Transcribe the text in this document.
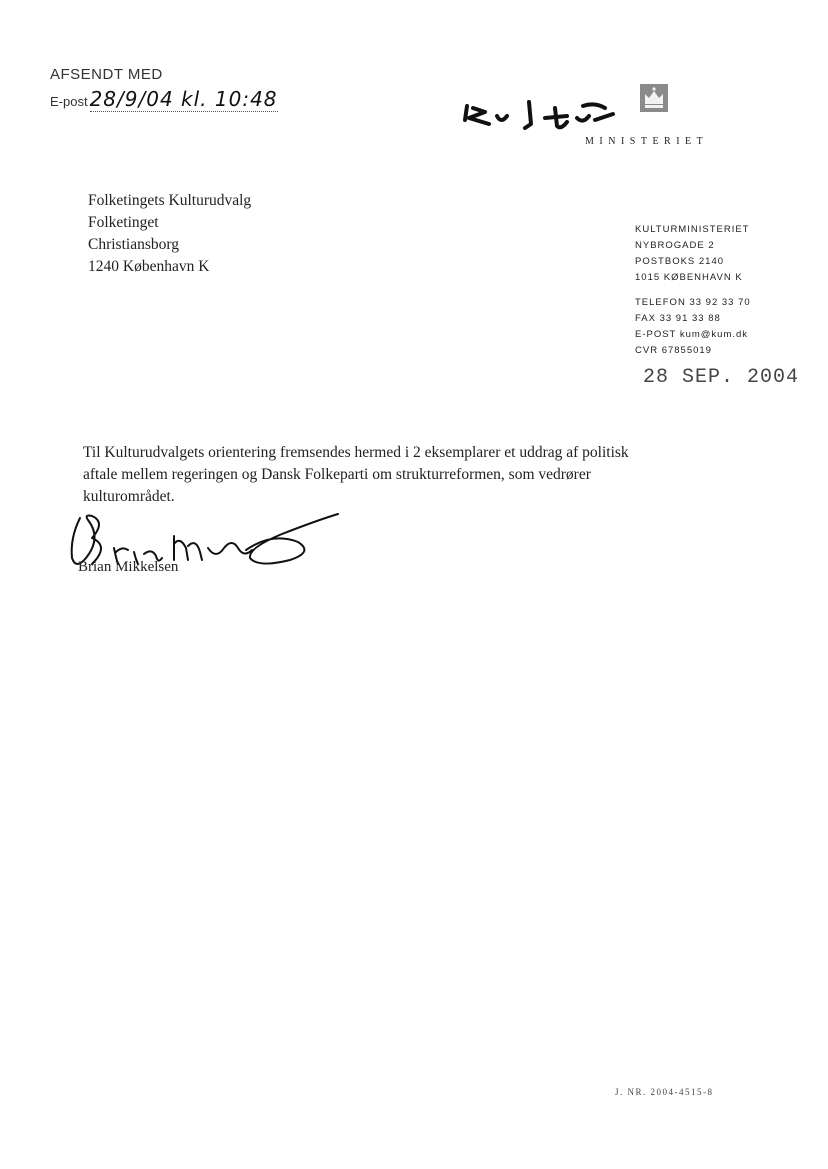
AFSENDT MED
E-post 28/9/04 kl. 10:48
MINISTERIET
Folketingets Kulturudvalg
Folketinget
Christiansborg
1240 København K
KULTURMINISTERIET
NYBROGADE 2
POSTBOKS 2140
1015 KØBENHAVN K
TELEFON 33 92 33 70
FAX 33 91 33 88
E-POST kum@kum.dk
CVR 67855019
28 SEP. 2004
Til Kulturudvalgets orientering fremsendes hermed i 2 eksemplarer et uddrag af politisk
aftale mellem regeringen og Dansk Folkeparti om strukturreformen, som vedrører
kulturområdet.
Brian Mikkelsen
J. NR. 2004-4515-8
